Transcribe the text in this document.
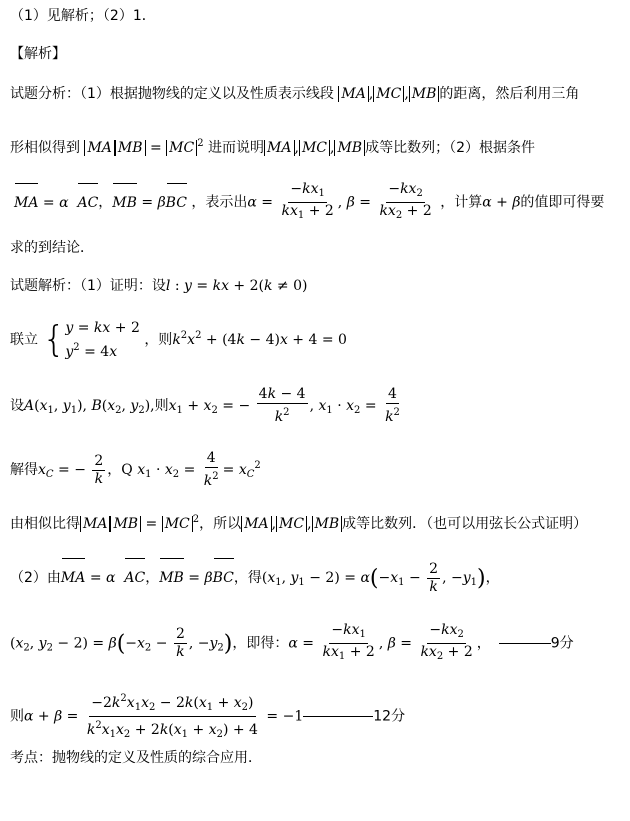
（1）见解析；（2）1．
【解析】
试题分析：（1）根据抛物线的定义以及性质表示线段 MA , MC , MB 的距离，然后利用三角
形相似得到 MA MB = MC $^2$ 进而说明 MA , MC , MB 成等比数列；（2）根据条件
MA = α AC，MB = βBC ，表示出$\alpha = \frac{-kx_1}{kx_1 + 2}$ , $\beta = \frac{-kx_2}{kx_2 + 2}$ ，计算α + β的值即可得要
求的到结论．
试题解析：（1）证明：设l : y = kx + 2(k ≠ 0)
联立 { y = kx + 2
$y^2 = 4x$
，则$k^2x^2 + (4k - 4)x + 4 = 0$
设$A(x_1$, $y_1$), $B(x_2$, $y_2$),则$x_1 + x_2$ = − $\frac{4k - 4}{k^2}$ , $x_1 \cdot x_2 = \frac{4}{k^2}$
解得$x_C$ = − $\frac{2}{k}$ ，Q $x_1 \cdot x_2 = \frac{4}{k^2} = x_C^2$
由相似比得 MA MB = MC $^2$，所以 MA , MC , MB 成等比数列．（也可以用弦长公式证明）
（2）由MA = α AC，MB = βBC，得($x_1$, $y_1 - 2) = \alpha(-x_1 - \frac{2}{k}$ , $-y_1$)，
($x_2$, $y_2 - 2) = \beta(-x_2 - \frac{2}{k}$ , $-y_2$)，即得：$\alpha = \frac{-kx_1}{kx_1 + 2}$ , $\beta = \frac{-kx_2}{kx_2 + 2}$ ，	9分
则$\alpha + \beta = \frac{-2k^2x_1x_2 - 2k(x_1 + x_2)}{k^2x_1x_2 + 2k(x_1 + x_2) + 4} = -1$	12分
考点：抛物线的定义及性质的综合应用．
